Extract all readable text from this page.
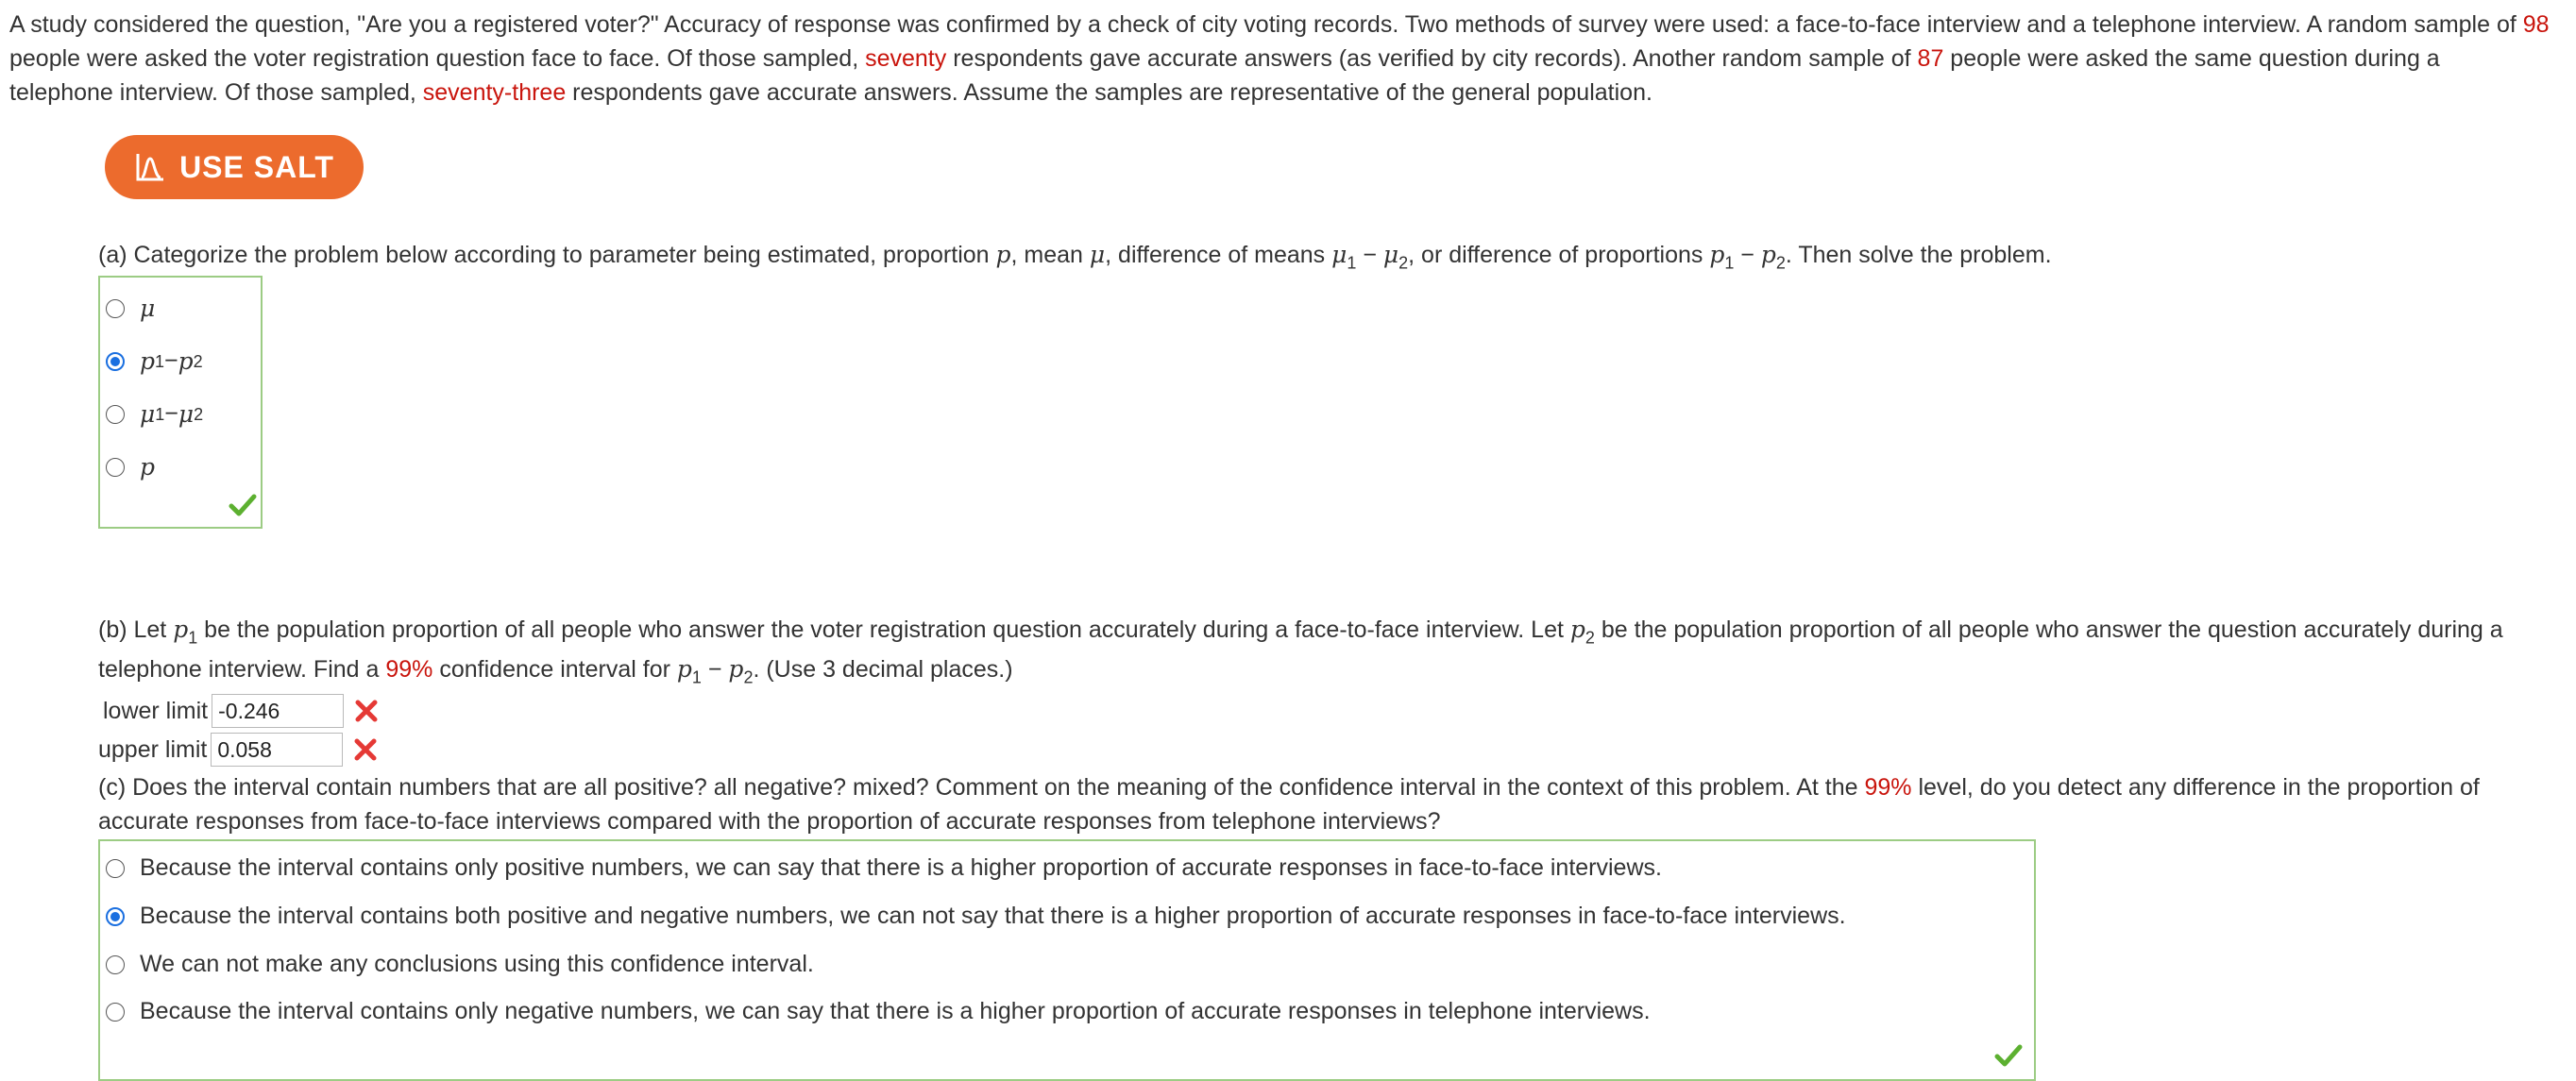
A study considered the question, "Are you a registered voter?" Accuracy of response was confirmed by a check of city voting records. Two methods of survey were used: a face-to-face interview and a telephone interview. A random sample of 98 people were asked the voter registration question face to face. Of those sampled, seventy respondents gave accurate answers (as verified by city records). Another random sample of 87 people were asked the same question during a telephone interview. Of those sampled, seventy-three respondents gave accurate answers. Assume the samples are representative of the general population.
USE SALT
(a) Categorize the problem below according to parameter being estimated, proportion p, mean μ, difference of means $\mu_1 - \mu_2$, or difference of proportions $p_1 - p_2$. Then solve the problem.
μ
p 1 − p 2
μ 1 − μ 2
p
(b) Let $p_1$ be the population proportion of all people who answer the voter registration question accurately during a face-to-face interview. Let $p_2$ be the population proportion of all people who answer the question accurately during a telephone interview. Find a 99% confidence interval for $p_1 - p_2$. (Use 3 decimal places.)
lower limit
-0.246
upper limit
0.058
(c) Does the interval contain numbers that are all positive? all negative? mixed? Comment on the meaning of the confidence interval in the context of this problem. At the 99% level, do you detect any difference in the proportion of accurate responses from face-to-face interviews compared with the proportion of accurate responses from telephone interviews?
Because the interval contains only positive numbers, we can say that there is a higher proportion of accurate responses in face-to-face interviews.
Because the interval contains both positive and negative numbers, we can not say that there is a higher proportion of accurate responses in face-to-face interviews.
We can not make any conclusions using this confidence interval.
Because the interval contains only negative numbers, we can say that there is a higher proportion of accurate responses in telephone interviews.
